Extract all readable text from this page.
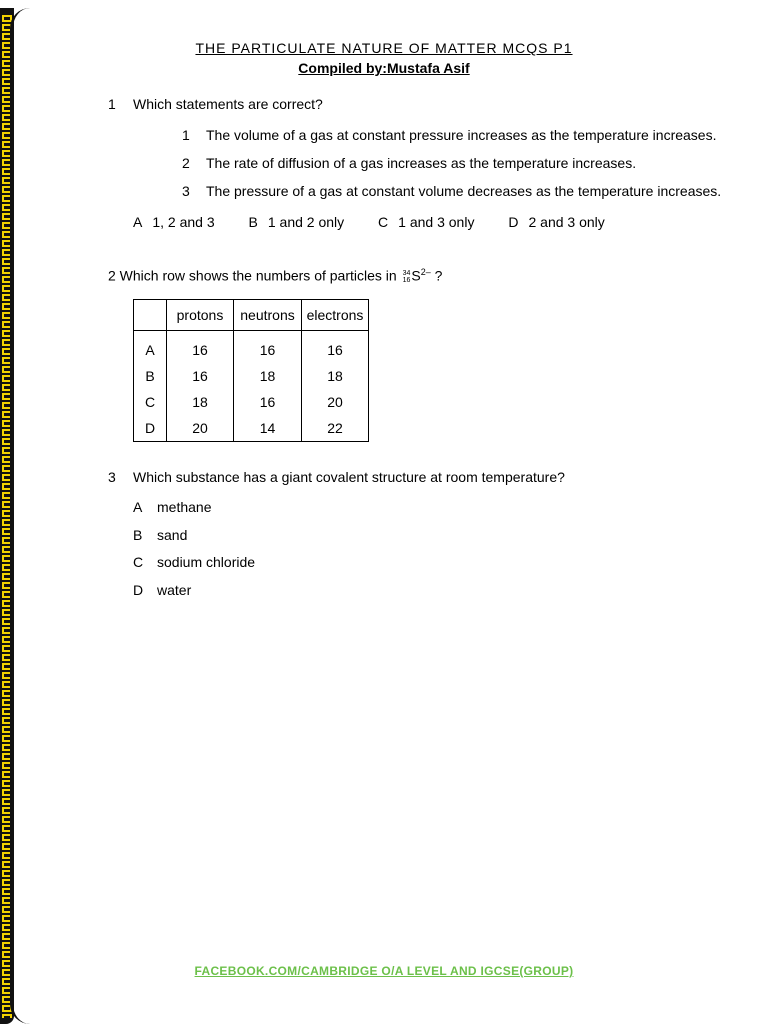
THE PARTICULATE NATURE OF MATTER MCQS P1
Compiled by:Mustafa Asif
1 Which statements are correct?
1 The volume of a gas at constant pressure increases as the temperature increases.
2 The rate of diffusion of a gas increases as the temperature increases.
3 The pressure of a gas at constant volume decreases as the temperature increases.
A 1, 2 and 3 B 1 and 2 only C 1 and 3 only D 2 and 3 only
2 Which row shows the numbers of particles in 34
$16S^{2-}$ ?
	protons	neutrons	electrons
A	16	16	16
B	16	18	18
C	18	16	20
D	20	14	22
3 Which substance has a giant covalent structure at room temperature?
A methane
B sand
C sodium chloride
D water
FACEBOOK.COM/CAMBRIDGE O/A LEVEL AND IGCSE(GROUP)
